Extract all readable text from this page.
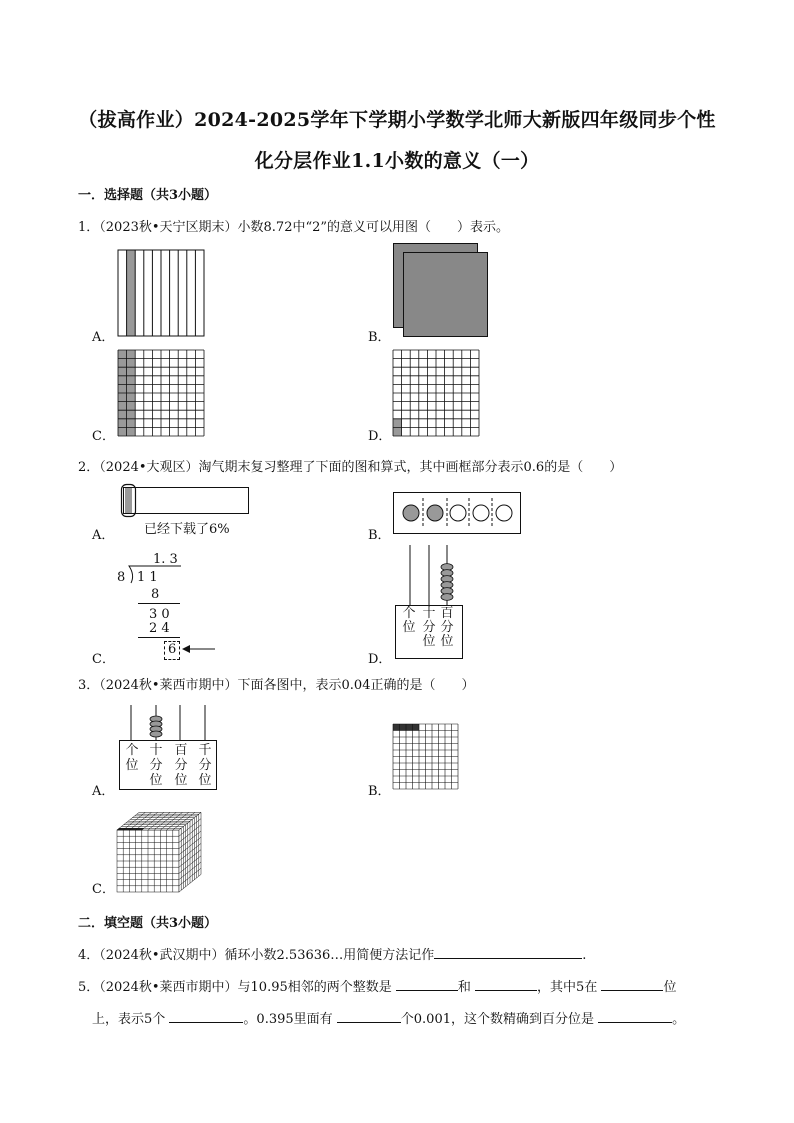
（拔高作业）2024-2025学年下学期小学数学北师大新版四年级同步个性
化分层作业1.1小数的意义（一）
一．选择题（共3小题）
1．（2023秋•天宁区期末）小数8.72中“2”的意义可以用图（　　）表示。
A．	B．
C．	D．
2．（2024•大观区）淘气期末复习整理了下面的图和算式，其中画框部分表示0.6的是（　　）
A． 已经下载了6%	B．
C．
1. 3
8 1 1
8
3 0
2 4
6
D．
个
位
十
分
位
百
分
位
3．（2024秋•莱西市期中）下面各图中，表示0.04正确的是（　　）
A．
个
位
十
分
位
百
分
位
千
分
位
B．
C．
二．填空题（共3小题）
4．（2024秋•武汉期中）循环小数2.53636…用简便方法记作	.
5．（2024秋•莱西市期中）与10.95相邻的两个整数是	和	，其中5在	位
上，表示5个	。0.395里面有	个0.001，这个数精确到百分位是	。
